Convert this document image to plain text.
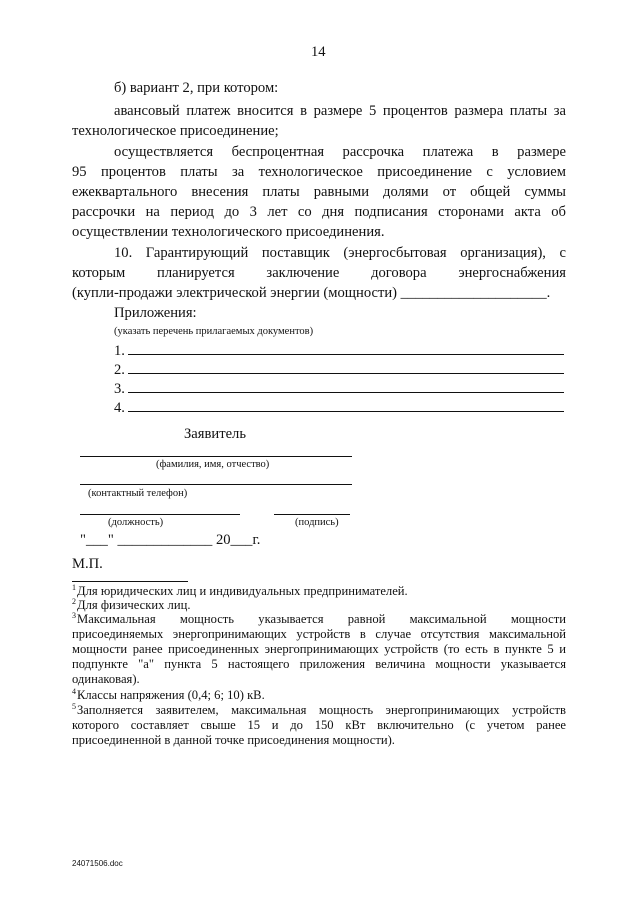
14
б) вариант 2, при котором:
авансовый платеж вносится в размере 5 процентов размера платы за
технологическое присоединение;
осуществляется беспроцентная рассрочка платежа в размере
95 процентов платы за технологическое присоединение с условием
ежеквартального внесения платы равными долями от общей суммы
рассрочки на период до 3 лет со дня подписания сторонами акта об
осуществлении технологического присоединения.
10. Гарантирующий поставщик (энергосбытовая организация), с
которым планируется заключение договора энергоснабжения
(купли-продажи электрической энергии (мощности) ____________________.
Приложения:
(указать перечень прилагаемых документов)
1.
2.
3.
4.
Заявитель
(фамилия, имя, отчество)
(контактный телефон)
(должность)	(подпись)
"___" _____________ 20___г.
М.П.
$^1$Для юридических лиц и индивидуальных предпринимателей.
$^2$Для физических лиц.
$^3$Максимальная мощность указывается равной максимальной мощности
присоединяемых энергопринимающих устройств в случае отсутствия максимальной
мощности ранее присоединенных энергопринимающих устройств (то есть в пункте 5 и
подпункте "а" пункта 5 настоящего приложения величина мощности указывается
одинаковая).
$^4$Классы напряжения (0,4; 6; 10) кВ.
$^5$Заполняется заявителем, максимальная мощность энергопринимающих устройств
которого составляет свыше 15 и до 150 кВт включительно (с учетом ранее
присоединенной в данной точке присоединения мощности).
24071506.doc
